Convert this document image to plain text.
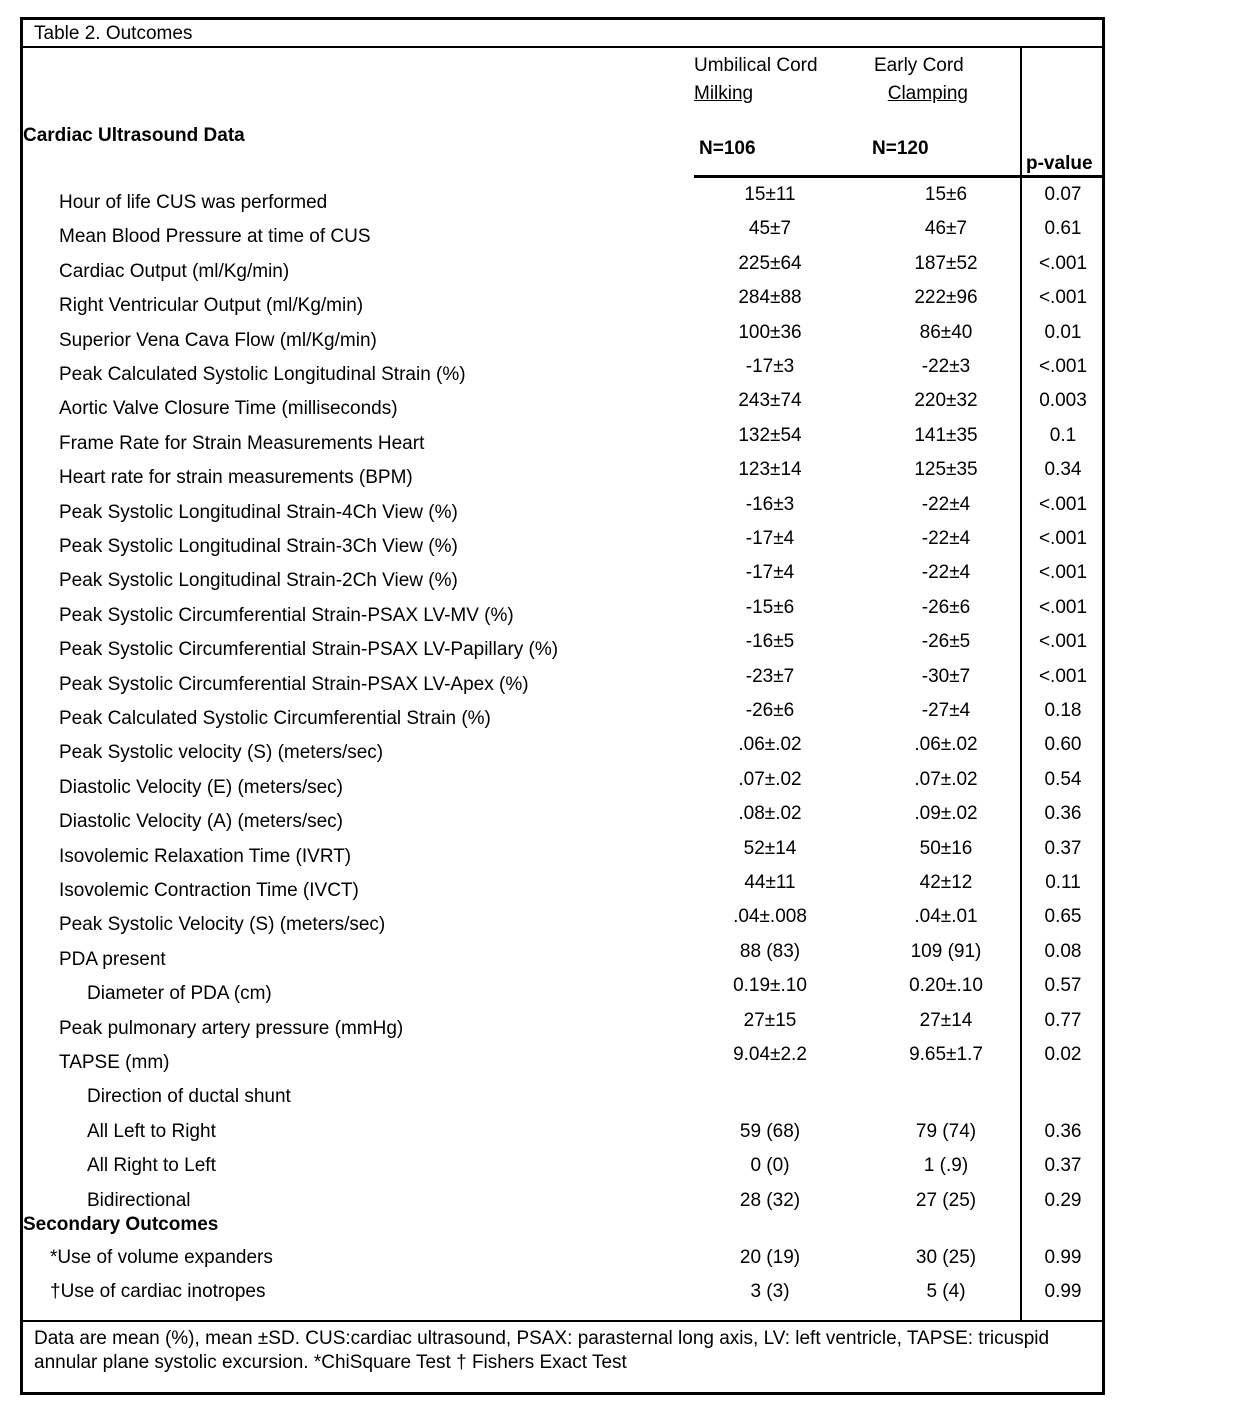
Table 2. Outcomes
Umbilical Cord
Milking
Early Cord
Clamping
Cardiac Ultrasound Data
N=106	N=120
p-value
Hour of life CUS was performed	15±11	15±6	0.07
Mean Blood Pressure at time of CUS	45±7	46±7	0.61
Cardiac Output (ml/Kg/min)	225±64	187±52	<.001
Right Ventricular Output (ml/Kg/min)	284±88	222±96	<.001
Superior Vena Cava Flow (ml/Kg/min)	100±36	86±40	0.01
Peak Calculated Systolic Longitudinal Strain (%)	-17±3	-22±3	<.001
Aortic Valve Closure Time (milliseconds)	243±74	220±32	0.003
Frame Rate for Strain Measurements Heart	132±54	141±35	0.1
Heart rate for strain measurements (BPM)	123±14	125±35	0.34
Peak Systolic Longitudinal Strain-4Ch View (%)	-16±3	-22±4	<.001
Peak Systolic Longitudinal Strain-3Ch View (%)	-17±4	-22±4	<.001
Peak Systolic Longitudinal Strain-2Ch View (%)	-17±4	-22±4	<.001
Peak Systolic Circumferential Strain-PSAX LV-MV (%)	-15±6	-26±6	<.001
Peak Systolic Circumferential Strain-PSAX LV-Papillary (%)	-16±5	-26±5	<.001
Peak Systolic Circumferential Strain-PSAX LV-Apex (%)	-23±7	-30±7	<.001
Peak Calculated Systolic Circumferential Strain (%)	-26±6	-27±4	0.18
Peak Systolic velocity (S) (meters/sec)	.06±.02	.06±.02	0.60
Diastolic Velocity (E) (meters/sec)	.07±.02	.07±.02	0.54
Diastolic Velocity (A) (meters/sec)	.08±.02	.09±.02	0.36
Isovolemic Relaxation Time (IVRT)	52±14	50±16	0.37
Isovolemic Contraction Time (IVCT)	44±11	42±12	0.11
Peak Systolic Velocity (S) (meters/sec)	.04±.008	.04±.01	0.65
PDA present	88 (83)	109 (91)	0.08
Diameter of PDA (cm)	0.19±.10	0.20±.10	0.57
Peak pulmonary artery pressure (mmHg)	27±15	27±14	0.77
TAPSE (mm)	9.04±2.2	9.65±1.7	0.02
Direction of ductal shunt
All Left to Right	59 (68)	79 (74)	0.36
All Right to Left	0 (0)	1 (.9)	0.37
Bidirectional	28 (32)	27 (25)	0.29
Secondary Outcomes
*Use of volume expanders	20 (19)	30 (25)	0.99
†Use of cardiac inotropes	3 (3)	5 (4)	0.99
Data are mean (%), mean ±SD. CUS:cardiac ultrasound, PSAX: parasternal long axis, LV: left ventricle, TAPSE: tricuspid annular plane systolic excursion. *ChiSquare Test † Fishers Exact Test
